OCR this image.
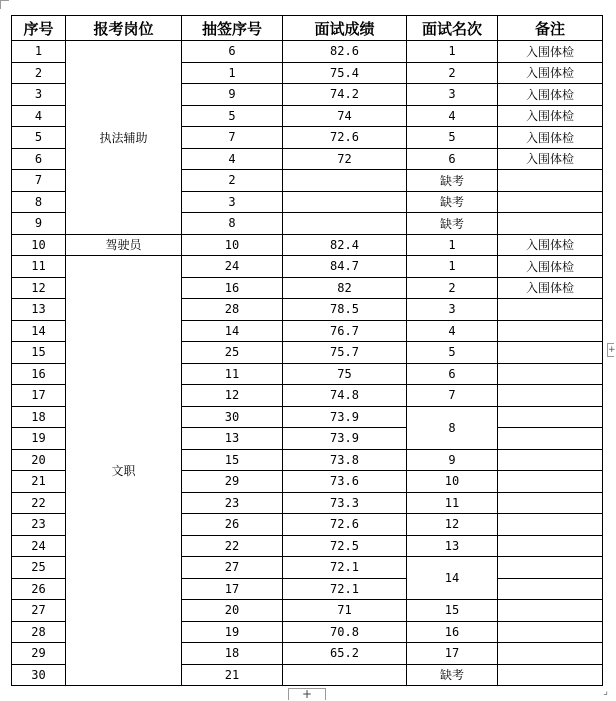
序号	报考岗位	抽签序号	面试成绩	面试名次	备注
1	执法辅助	6	82.6	1	入围体检
2		1	75.4	2	入围体检
3		9	74.2	3	入围体检
4		5	74	4	入围体检
5		7	72.6	5	入围体检
6		4	72	6	入围体检
7		2		缺考	
8		3		缺考	
9		8		缺考	
10	驾驶员	10	82.4	1	入围体检
11	文职	24	84.7	1	入围体检
12		16	82	2	入围体检
13		28	78.5	3	
14		14	76.7	4	
15		25	75.7	5	
16		11	75	6	
17		12	74.8	7	
18		30	73.9	8	
19		13	73.9		
20		15	73.8	9	
21		29	73.6	10	
22		23	73.3	11	
23		26	72.6	12	
24		22	72.5	13	
25		27	72.1	14	
26		17	72.1		
27		20	71	15	
28		19	70.8	16	
29		18	65.2	17	
30		21		缺考	
+
+	⌟
